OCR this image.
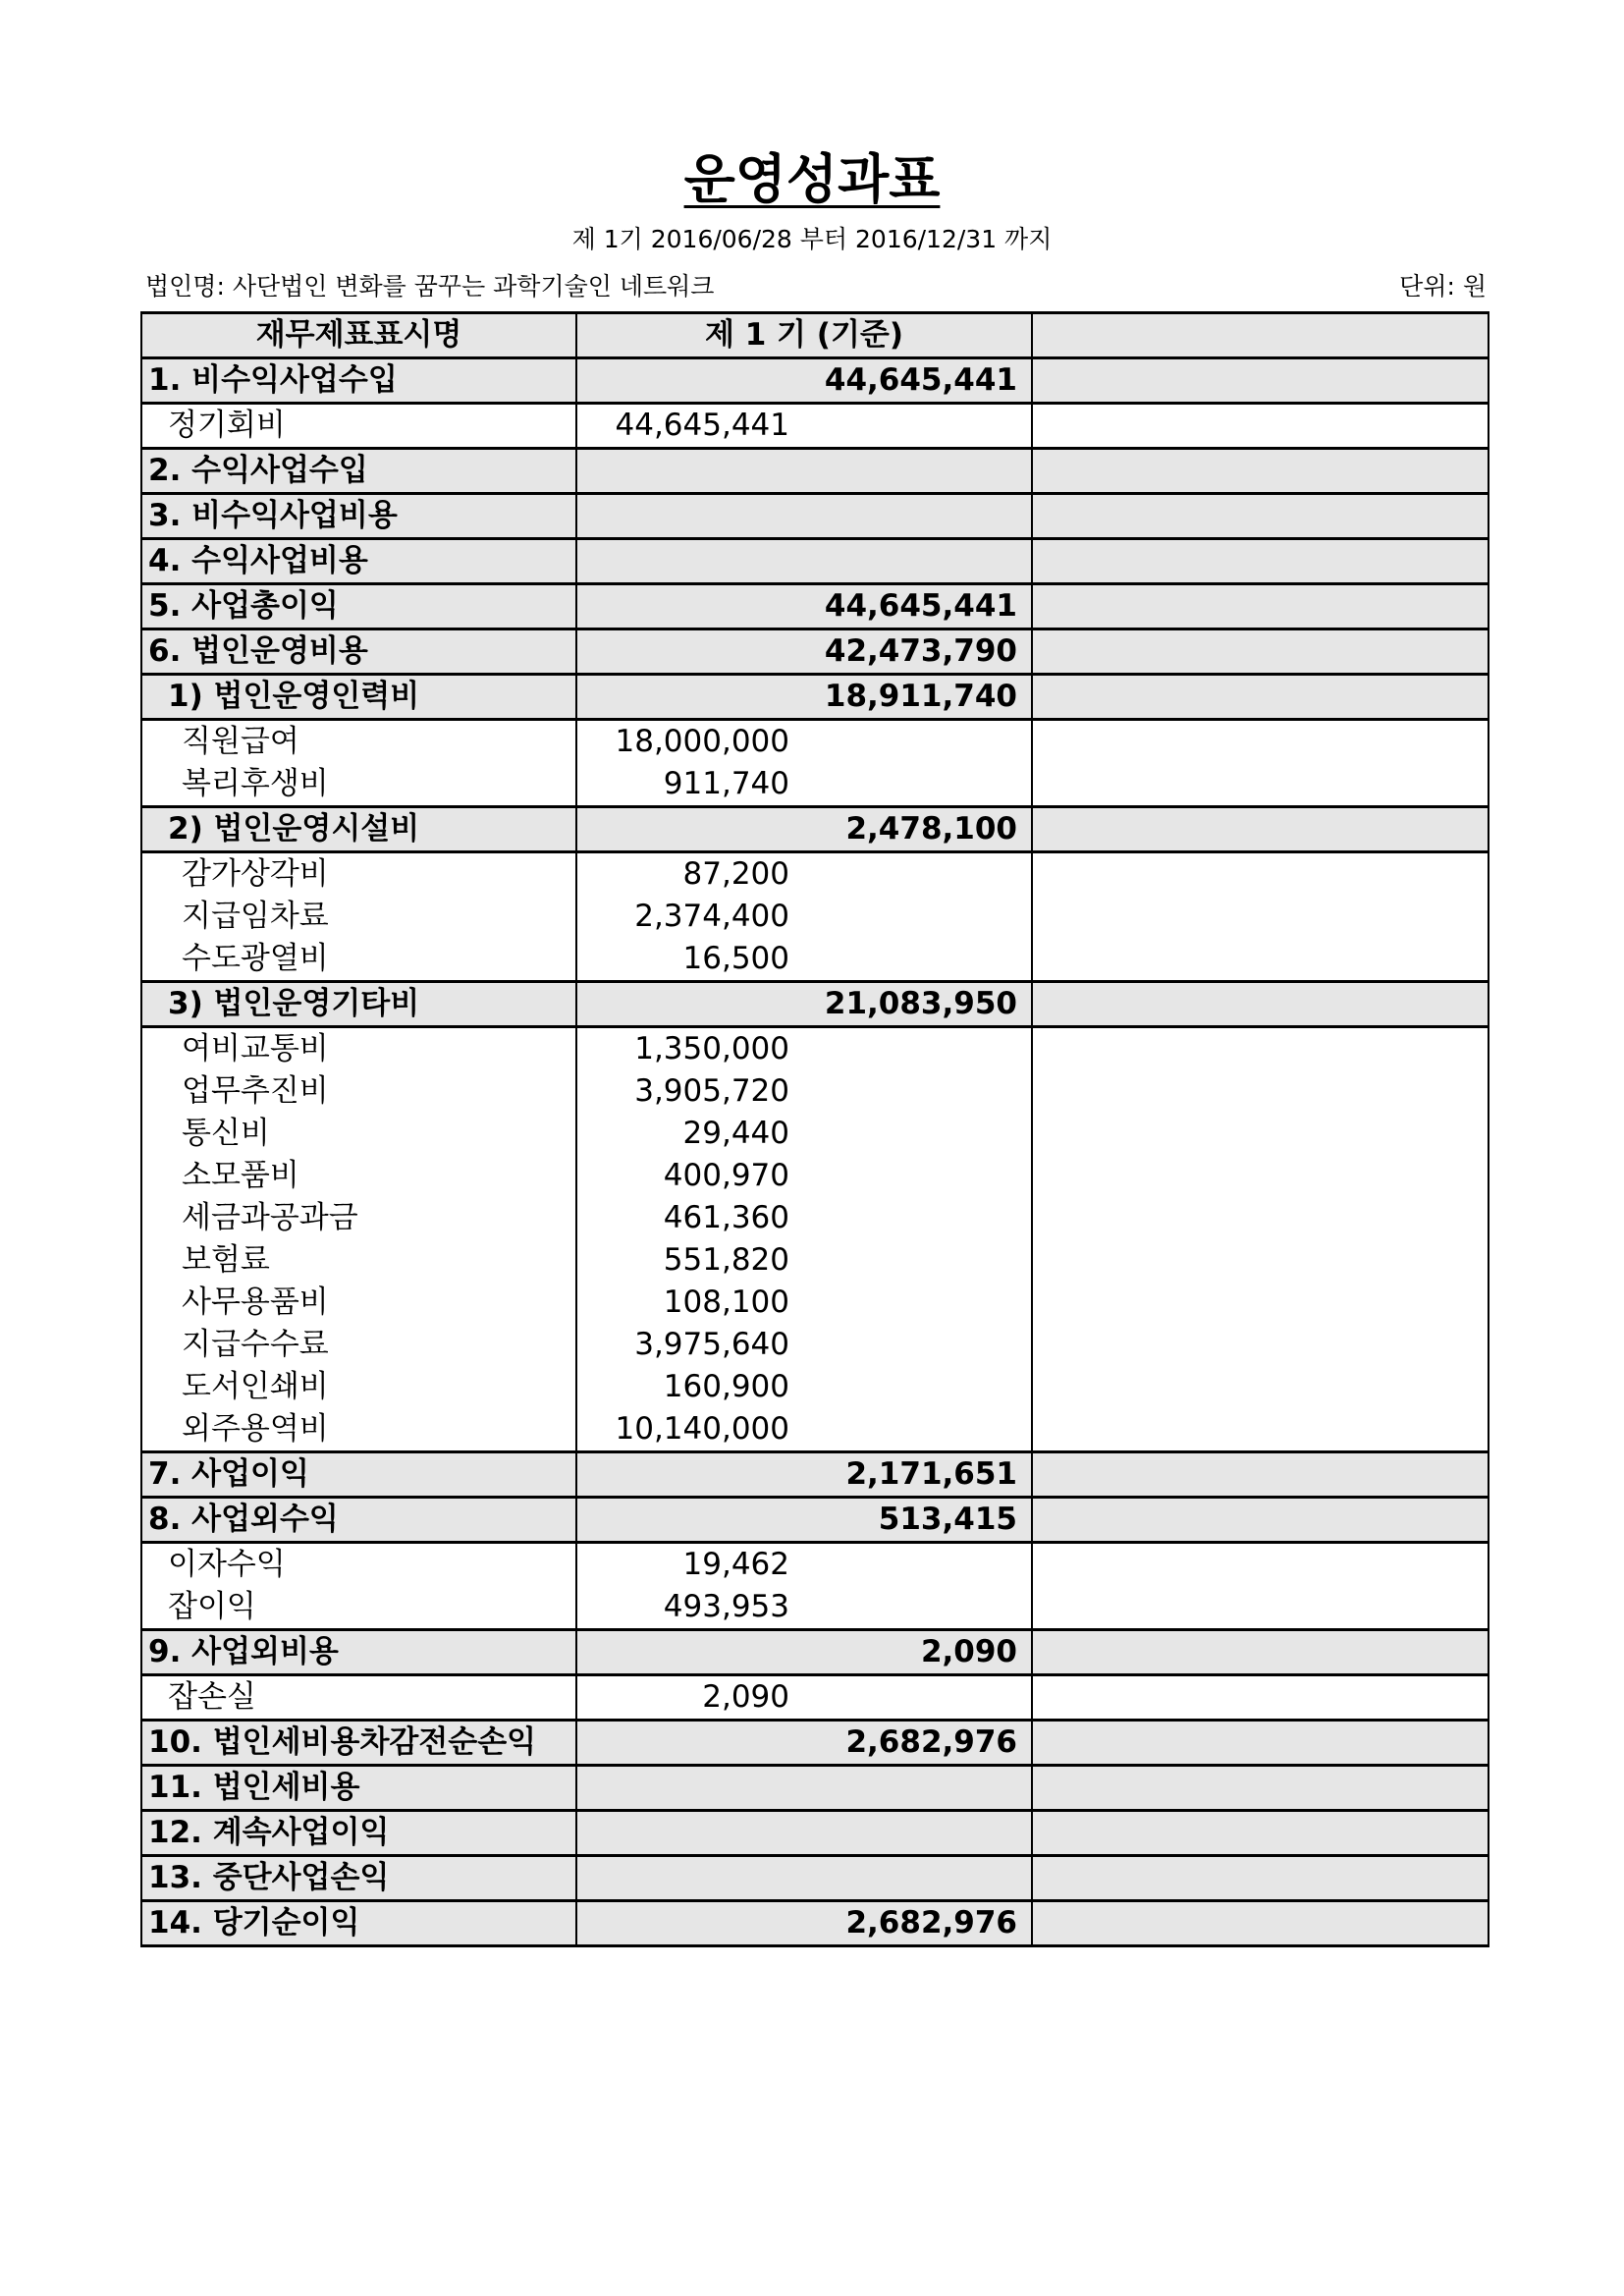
운영성과표
제 1기 2016/06/28 부터 2016/12/31 까지
법인명: 사단법인 변화를 꿈꾸는 과학기술인 네트워크	단위: 원
재무제표표시명	제 1 기 (기준)	
1. 비수익사업수입	44,645,441	
정기회비	44,645,441	
2. 수익사업수입		
3. 비수익사업비용		
4. 수익사업비용		
5. 사업총이익	44,645,441	
6. 법인운영비용	42,473,790	
1) 법인운영인력비	18,911,740	
직원급여	18,000,000	
복리후생비	911,740	
2) 법인운영시설비	2,478,100	
감가상각비	87,200	
지급임차료	2,374,400	
수도광열비	16,500	
3) 법인운영기타비	21,083,950	
여비교통비	1,350,000	
업무추진비	3,905,720	
통신비	29,440	
소모품비	400,970	
세금과공과금	461,360	
보험료	551,820	
사무용품비	108,100	
지급수수료	3,975,640	
도서인쇄비	160,900	
외주용역비	10,140,000	
7. 사업이익	2,171,651	
8. 사업외수익	513,415	
이자수익	19,462	
잡이익	493,953	
9. 사업외비용	2,090	
잡손실	2,090	
10. 법인세비용차감전순손익	2,682,976	
11. 법인세비용		
12. 계속사업이익		
13. 중단사업손익		
14. 당기순이익	2,682,976	
